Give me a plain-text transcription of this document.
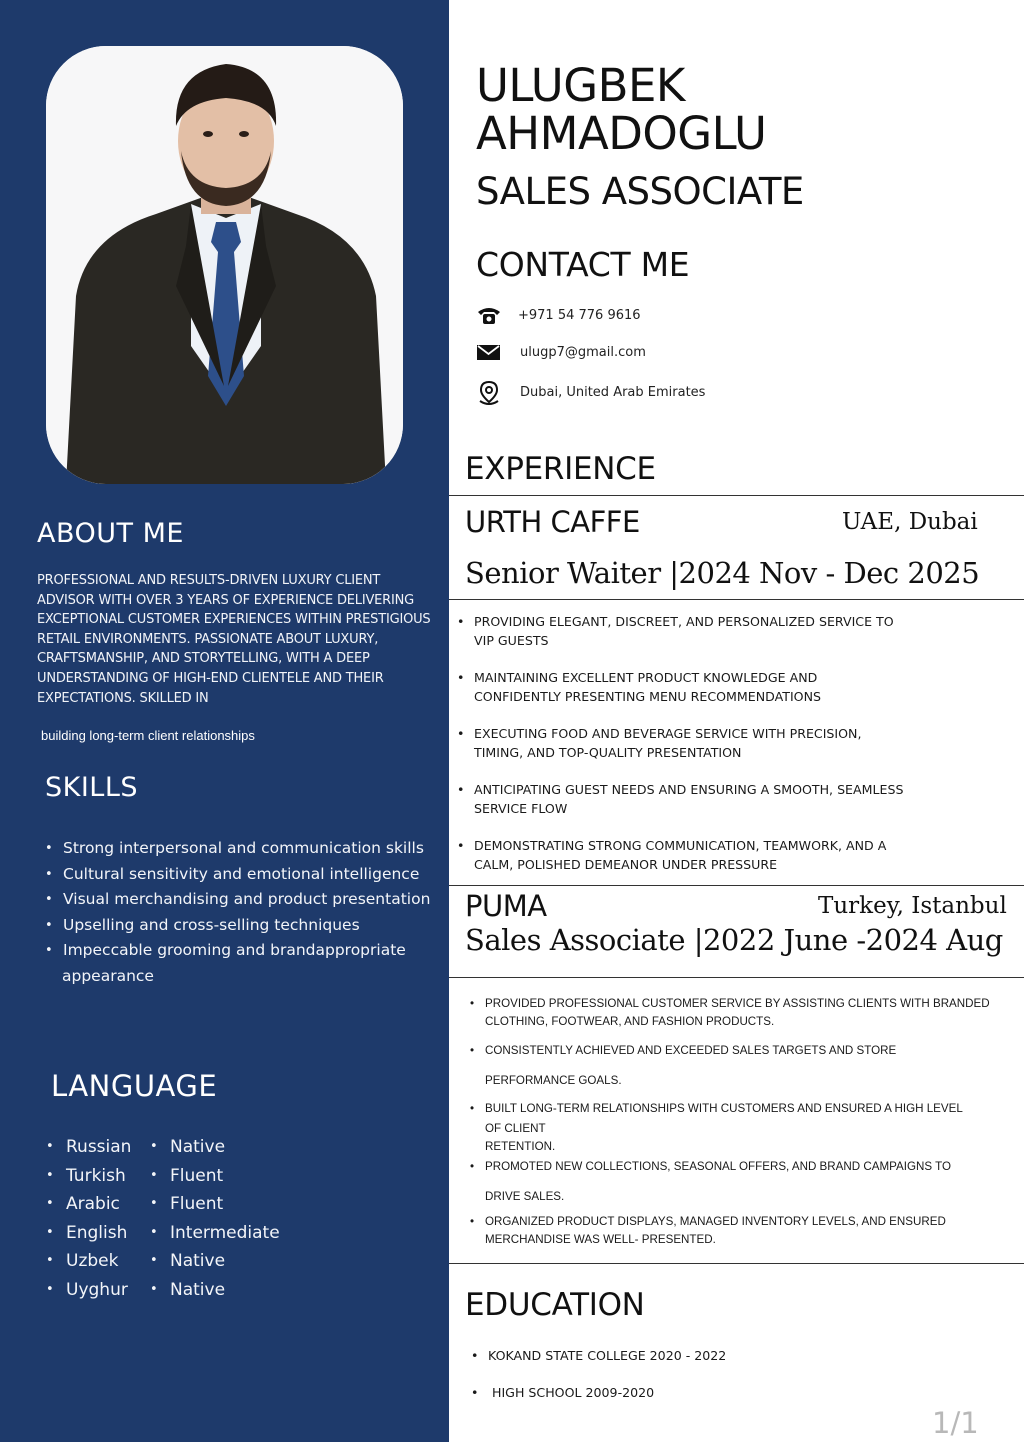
ABOUT ME
PROFESSIONAL AND RESULTS-DRIVEN LUXURY CLIENT ADVISOR WITH OVER 3 YEARS OF EXPERIENCE DELIVERING EXCEPTIONAL CUSTOMER EXPERIENCES WITHIN PRESTIGIOUS RETAIL ENVIRONMENTS. PASSIONATE ABOUT LUXURY, CRAFTSMANSHIP, AND STORYTELLING, WITH A DEEP UNDERSTANDING OF HIGH-END CLIENTELE AND THEIR EXPECTATIONS. SKILLED IN
building long-term client relationships
SKILLS
• Strong interpersonal and communication skills
• Cultural sensitivity and emotional intelligence
• Visual merchandising and product presentation
• Upselling and cross-selling techniques
• Impeccable grooming and brandappropriate
appearance
LANGUAGE
• Russian • Native
• Turkish	• Fluent
• Arabic	• Fluent
• English	• Intermediate
• Uzbek	• Native
• Uyghur • Native
ULUGBEK
AHMADOGLU
SALES ASSOCIATE
CONTACT ME
+971 54 776 9616
ulugp7@gmail.com
Dubai, United Arab Emirates
EXPERIENCE
URTH CAFFE	UAE, Dubai
Senior Waiter |2024 Nov - Dec 2025
• PROVIDING ELEGANT, DISCREET, AND PERSONALIZED SERVICE TO VIP GUESTS
• MAINTAINING EXCELLENT PRODUCT KNOWLEDGE AND CONFIDENTLY PRESENTING MENU RECOMMENDATIONS
• EXECUTING FOOD AND BEVERAGE SERVICE WITH PRECISION, TIMING, AND TOP-QUALITY PRESENTATION
• ANTICIPATING GUEST NEEDS AND ENSURING A SMOOTH, SEAMLESS SERVICE FLOW
• DEMONSTRATING STRONG COMMUNICATION, TEAMWORK, AND A CALM, POLISHED DEMEANOR UNDER PRESSURE
PUMA	Turkey, Istanbul
Sales Associate |2022 June -2024 Aug
• PROVIDED PROFESSIONAL CUSTOMER SERVICE BY ASSISTING CLIENTS WITH BRANDED CLOTHING, FOOTWEAR, AND FASHION PRODUCTS.
• CONSISTENTLY ACHIEVED AND EXCEEDED SALES TARGETS AND STORE
PERFORMANCE GOALS.
• BUILT LONG-TERM RELATIONSHIPS WITH CUSTOMERS AND ENSURED A HIGH LEVEL
OF CLIENT
RETENTION.
• PROMOTED NEW COLLECTIONS, SEASONAL OFFERS, AND BRAND CAMPAIGNS TO
DRIVE SALES.
• ORGANIZED PRODUCT DISPLAYS, MANAGED INVENTORY LEVELS, AND ENSURED MERCHANDISE WAS WELL- PRESENTED.
EDUCATION
• KOKAND STATE COLLEGE 2020 - 2022
• HIGH SCHOOL 2009-2020
1/1
